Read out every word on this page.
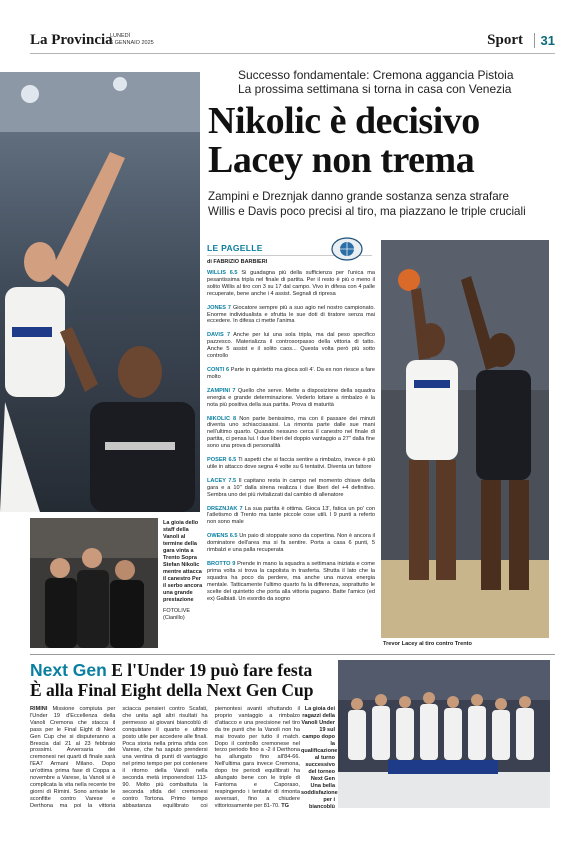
La Provincia
LUNEDÌ
6 GENNAIO 2025	Sport	31
La gioia dello staff della Vanoli al termine della gara vinta a Trento Sopra Stefan Nikolic mentre attacca il canestro Per il serbo ancora una grande prestazione
FOTOLIVE (Cianillo)
Successo fondamentale: Cremona aggancia Pistoia
La prossima settimana si torna in casa con Venezia
Nikolic è decisivo
Lacey non trema
Zampini e Dreznjak danno grande sostanza senza strafare
Willis e Davis poco precisi al tiro, ma piazzano le triple cruciali
LE PAGELLE
di FABRIZIO BARBIERI
WILLIS 6.5 Si guadagna più della sufficienza per l'unica ma pesantissima tripla nel finale di partita. Per il resto è più o meno il solito Willis al tiro con 3 su 17 dal campo. Vivo in difesa con 4 palle recuperate, bene anche i 4 assist. Segnali di ripresa
JONES 7 Giocatore sempre più a suo agio nel nostro campionato. Enorme individualista e sfrutta le sue doti di tiratore senza mai eccedere. In difesa ci mette l'anima
DAVIS 7 Anche per lui una sola tripla, ma dal peso specifico pazzesco. Materializza il controsorpasso della vittoria di tatto. Anche 5 assist e il solito caos... Questa volta però più sotto controllo
CONTI 6 Parte in quintetto ma gioca soli 4'. Da ex non riesce a fare molto
ZAMPINI 7 Quello che serve. Mette a disposizione della squadra energia e grande determinazione. Vederlo lottare a rimbalzo è la nota più positiva della sua partita. Prova di maturità
NIKOLIC 8 Non parte benissimo, ma con il passare dei minuti diventa uno schiacciasassi. La rimonta parte dalle sue mani nell'ultimo quarto. Quando nessuno cerca il canestro nel finale di partita, ci pensa lui. I due liberi del doppio vantaggio a 27'' dalla fine sono una prova di personalità
POSER 6.5 Ti aspetti che si faccia sentire a rimbalzo, invece è più utile in attacco dove segna 4 volte su 6 tentativi. Diventa un fattore
LACEY 7.5 Il capitano resta in campo nel momento chiave della gara e a 10'' dalla sirena realizza i due liberi del +4 definitivo. Sembra uno dei più rivitalizzati dal cambio di allenatore
DREZNJAK 7 La sua partita è ottima. Gioca 13', fatica un po' con l'atletismo di Trento ma tante piccole cose utili. I 9 punti a referto non sono male
OWENS 6.5 Un paio di stoppate sono da copertina. Non è ancora il dominatore dell'area ma si fa sentire. Porta a casa 6 punti, 5 rimbalzi e una palla recuperata
BROTTO 9 Prende in mano la squadra a settimana iniziata e come prima volta si trova la capolista in trasferta. Sfrutta il lato che la squadra ha poco da perdere, ma anche una nuova energia mentale. Tatticamente l'ultimo quarto fa la differenza, soprattutto le scelte del quintetto che porta alla vittoria pagano. Batte l'amico (ed ex) Galbiati. Un esordio da sogno
Trevor Lacey al tiro contro Trento
Next Gen E l'Under 19 può fare festa
È alla Final Eight della Next Gen Cup
RIMINI Missione compiuta per l'Under 19 d'Eccellenza della Vanoli Cremona che stacca il pass per le Final Eight di Next Gen Cup che si disputeranno a Brescia dal 21 al 23 febbraio prossimi. Avversaria dei cremonesi nei quarti di finale sarà l'EA7 Armani Milano. Dopo un'ottima prima fase di Coppa a novembre a Varese, la Vanoli si è complicata la vita nella recente tre giorni di Rimini. Sono arrivate le sconfitte contro Varese e Derthona ma poi la vittoria sciacca pensieri contro Scafati, che unita agli altri risultati ha permesso ai giovani biancoblù di conquistare il quarto e ultimo posto utile per accedere alle finali. Poca storia nella prima sfida con Varese, che ha saputo prendersi una ventina di punti di vantaggio nel primo tempo per poi contenere il ritorno della Vanoli nella seconda metà imponendosi 113-90. Molto più combattuta la seconda sfida del cremonesi contro Tortona. Primo tempo abbastanza equilibrato coi piemontesi avanti sfruttando il proprio vantaggio a rimbalzo d'attacco e una precisione nel tiro da tre punti che la Vanoli non ha mai trovato per tutto il match. Dopo il controllo cremonese nel terzo periodo fino a -2 il Derthona ha allungato fino all'84-66. Nell'ultima gara invece Cremona, dopo tre periodi equilibrati ha allungato bene con le triple di Fantoma e Caporaso, respingendo i tentativi di rimonta avversari, fino a chiudere vittoriosamente per 81-70. TG
La gioia dei ragazzi della Vanoli Under 19 sul campo dopo la qualificazione al turno successivo del torneo Next Gen Una bella soddisfazione per i biancoblù
